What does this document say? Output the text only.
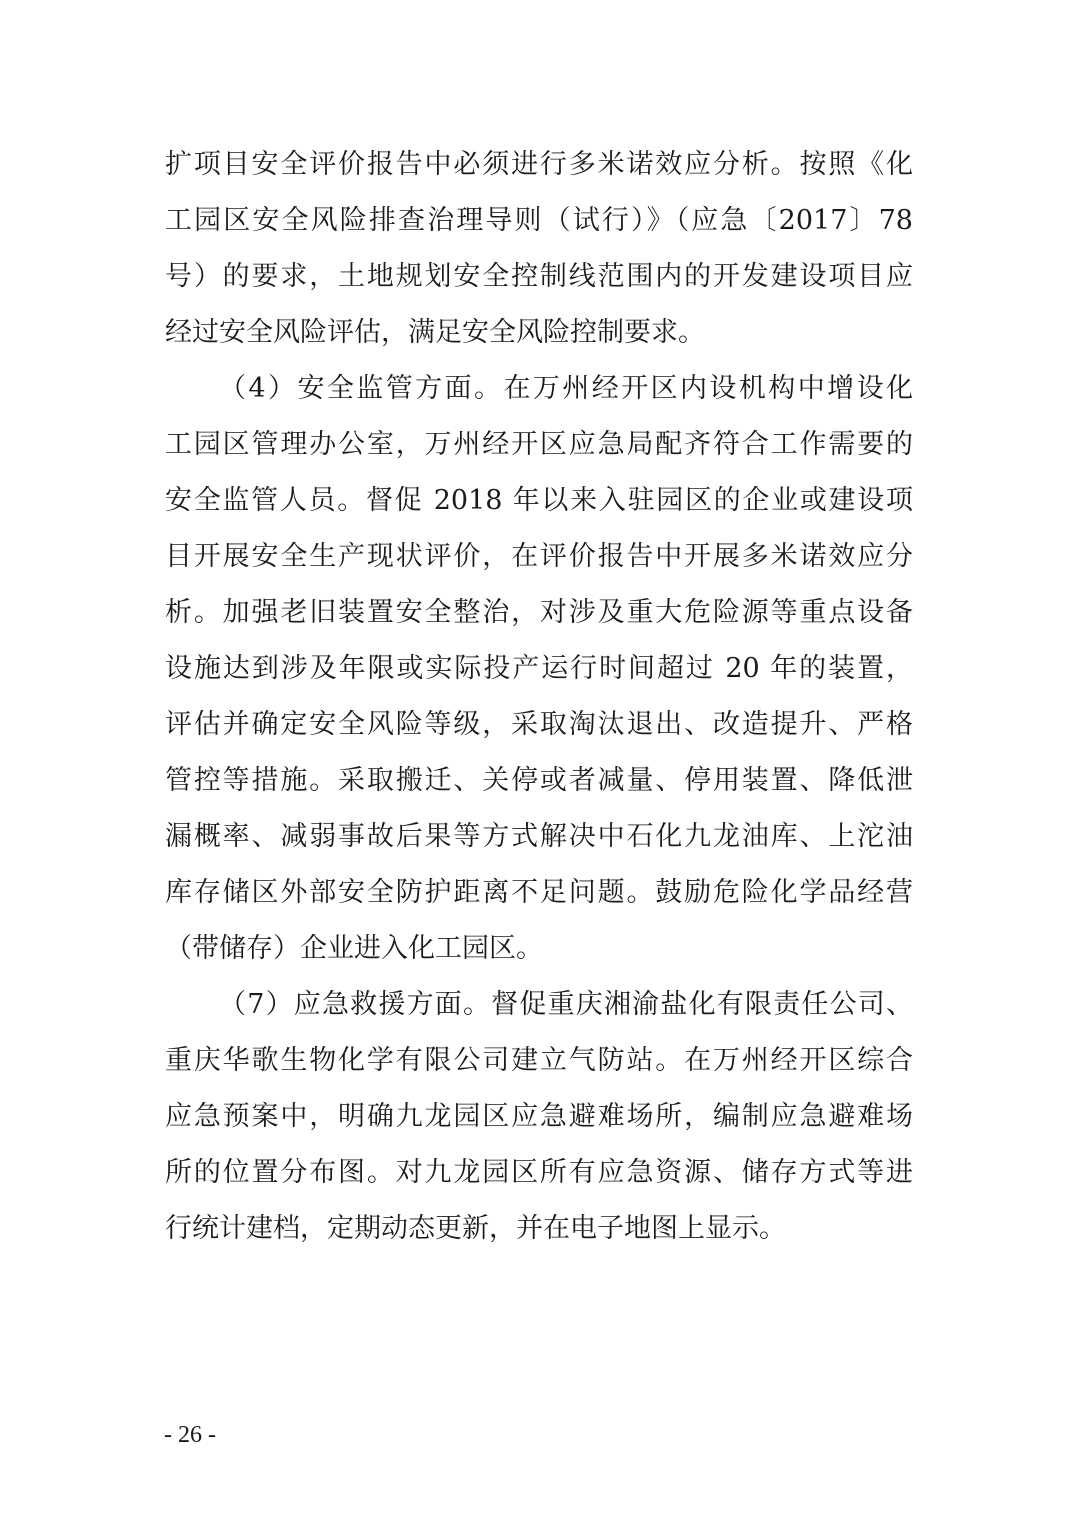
扩项目安全评价报告中必须进行多米诺效应分析。按照《化
工园区安全风险排查治理导则（试行）》（应急〔2017〕78
号）的要求，土地规划安全控制线范围内的开发建设项目应
经过安全风险评估，满足安全风险控制要求。
（4）安全监管方面。在万州经开区内设机构中增设化
工园区管理办公室，万州经开区应急局配齐符合工作需要的
安全监管人员。督促 2018 年以来入驻园区的企业或建设项
目开展安全生产现状评价，在评价报告中开展多米诺效应分
析。加强老旧装置安全整治，对涉及重大危险源等重点设备
设施达到涉及年限或实际投产运行时间超过 20 年的装置，
评估并确定安全风险等级，采取淘汰退出、改造提升、严格
管控等措施。采取搬迁、关停或者减量、停用装置、降低泄
漏概率、减弱事故后果等方式解决中石化九龙油库、上沱油
库存储区外部安全防护距离不足问题。鼓励危险化学品经营
（带储存）企业进入化工园区。
（7）应急救援方面。督促重庆湘渝盐化有限责任公司、
重庆华歌生物化学有限公司建立气防站。在万州经开区综合
应急预案中，明确九龙园区应急避难场所，编制应急避难场
所的位置分布图。对九龙园区所有应急资源、储存方式等进
行统计建档，定期动态更新，并在电子地图上显示。
- 26 -
